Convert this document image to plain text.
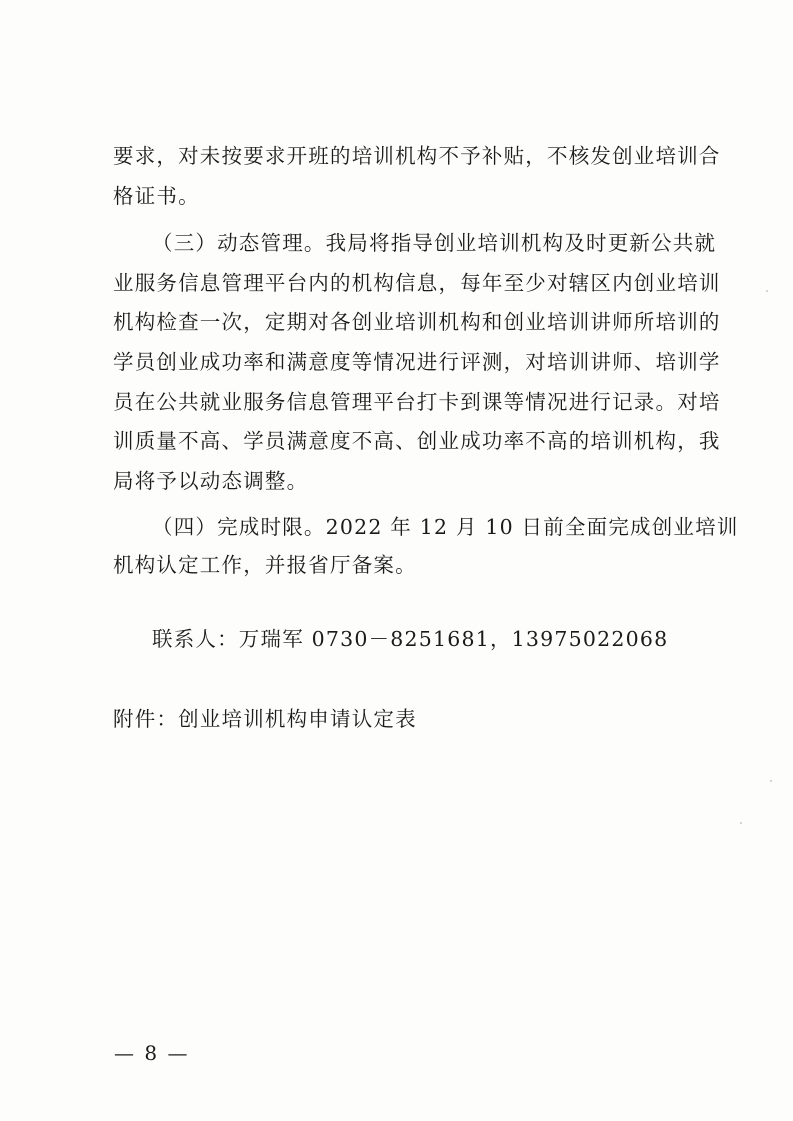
要求，对未按要求开班的培训机构不予补贴，不核发创业培训合
格证书。
（三）动态管理。我局将指导创业培训机构及时更新公共就
业服务信息管理平台内的机构信息，每年至少对辖区内创业培训
机构检查一次，定期对各创业培训机构和创业培训讲师所培训的
学员创业成功率和满意度等情况进行评测，对培训讲师、培训学
员在公共就业服务信息管理平台打卡到课等情况进行记录。对培
训质量不高、学员满意度不高、创业成功率不高的培训机构，我
局将予以动态调整。
（四）完成时限。2022 年 12 月 10 日前全面完成创业培训
机构认定工作，并报省厅备案。
联系人：万瑞军 0730－8251681，13975022068
附件：创业培训机构申请认定表
— 8 —
